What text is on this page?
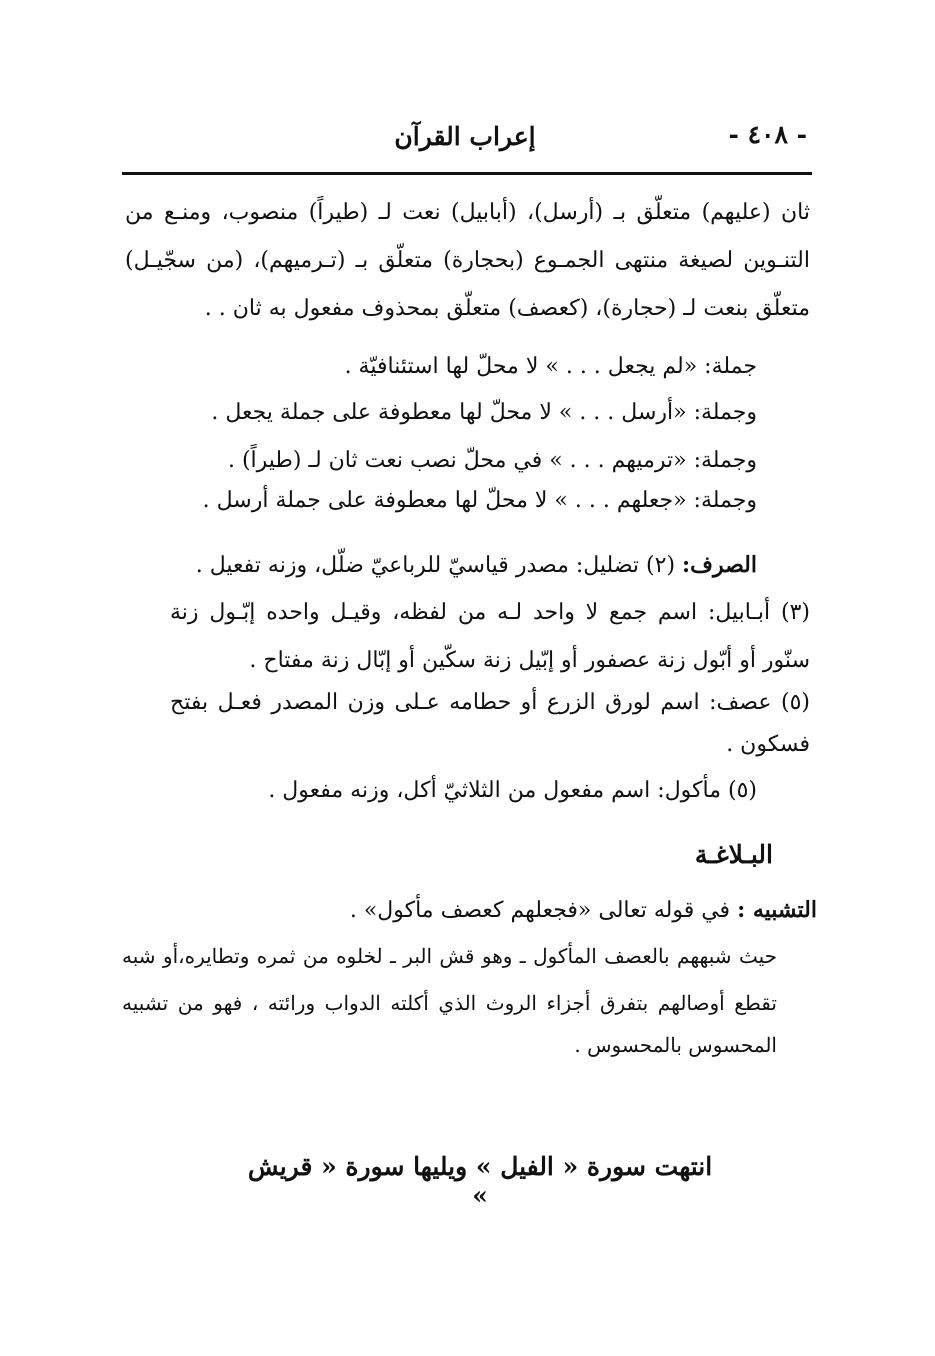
- ٤٠٨ -
إعراب القرآن
ثان (عليهم) متعلّق بـ (أرسل)، (أبابيل) نعت لـ (طيراً) منصوب، ومنـع من
التنـوين لصيغة منتهى الجمـوع (بحجارة) متعلّق بـ (تـرميهم)، (من سجّيـل)
متعلّق بنعت لـ (حجارة)، (كعصف) متعلّق بمحذوف مفعول به ثان . .
جملة: «لم يجعل . . . » لا محلّ لها استئنافيّة .
وجملة: «أرسل . . . » لا محلّ لها معطوفة على جملة يجعل .
وجملة: «ترميهم . . . » في محلّ نصب نعت ثان لـ (طيراً) .
وجملة: «جعلهم . . . » لا محلّ لها معطوفة على جملة أرسل .
الصرف: (٢) تضليل: مصدر قياسيّ للرباعيّ ضلّل، وزنه تفعيل .
(٣) أبـابيل: اسم جمع لا واحد لـه من لفظه، وقيـل واحده إبّـول زنة
سنّور أو أبّول زنة عصفور أو إبّيل زنة سكّين أو إبّال زنة مفتاح .
(٥) عصف: اسم لورق الزرع أو حطامه عـلى وزن المصدر فعـل بفتح
فسكون .
(٥) مأكول: اسم مفعول من الثلاثيّ أكل، وزنه مفعول .
البـلاغـة
التشبيه : في قوله تعالى «فجعلهم كعصف مأكول» .
حيث شبههم بالعصف المأكول ـ وهو قش البر ـ لخلوه من ثمره وتطايره،أو شبه
تقطع أوصالهم بتفرق أجزاء الروث الذي أكلته الدواب ورائته ، فهو من تشبيه
المحسوس بالمحسوس .
انتهت سورة « الفيل » ويليها سورة « قريش »
